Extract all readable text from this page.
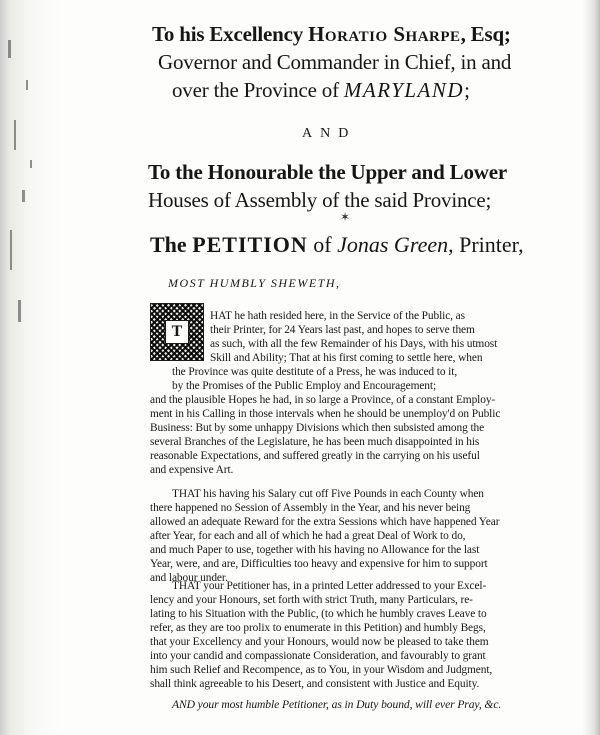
To his Excellency Horatio Sharpe, Esq;
Governor and Commander in Chief, in and
over the Province of MARYLAND;
AND
To the Honourable the Upper and Lower
Houses of Assembly of the said Province;
✶
The PETITION of Jonas Green, Printer,
MOST HUMBLY SHEWETH,
T
HAT he hath resided here, in the Service of the Public, as
their Printer, for 24 Years last past, and hopes to serve them
as such, with all the few Remainder of his Days, with his utmost
Skill and Ability; That at his first coming to settle here, when
the Province was quite destitute of a Press, he was induced to it,
by the Promises of the Public Employ and Encouragement;
and the plausible Hopes he had, in so large a Province, of a constant Employ-
ment in his Calling in those intervals when he should be unemploy'd on Public
Business: But by some unhappy Divisions which then subsisted among the
several Branches of the Legislature, he has been much disappointed in his
reasonable Expectations, and suffered greatly in the carrying on his useful
and expensive Art.
THAT his having his Salary cut off Five Pounds in each County when
there happened no Session of Assembly in the Year, and his never being
allowed an adequate Reward for the extra Sessions which have happened Year
after Year, for each and all of which he had a great Deal of Work to do,
and much Paper to use, together with his having no Allowance for the last
Year, were, and are, Difficulties too heavy and expensive for him to support
and labour under.
THAT your Petitioner has, in a printed Letter addressed to your Excel-
lency and your Honours, set forth with strict Truth, many Particulars, re-
lating to his Situation with the Public, (to which he humbly craves Leave to
refer, as they are too prolix to enumerate in this Petition) and humbly Begs,
that your Excellency and your Honours, would now be pleased to take them
into your candid and compassionate Consideration, and favourably to grant
him such Relief and Recompence, as to You, in your Wisdom and Judgment,
shall think agreeable to his Desert, and consistent with Justice and Equity.
AND your most humble Petitioner, as in Duty bound, will ever Pray, &c.
